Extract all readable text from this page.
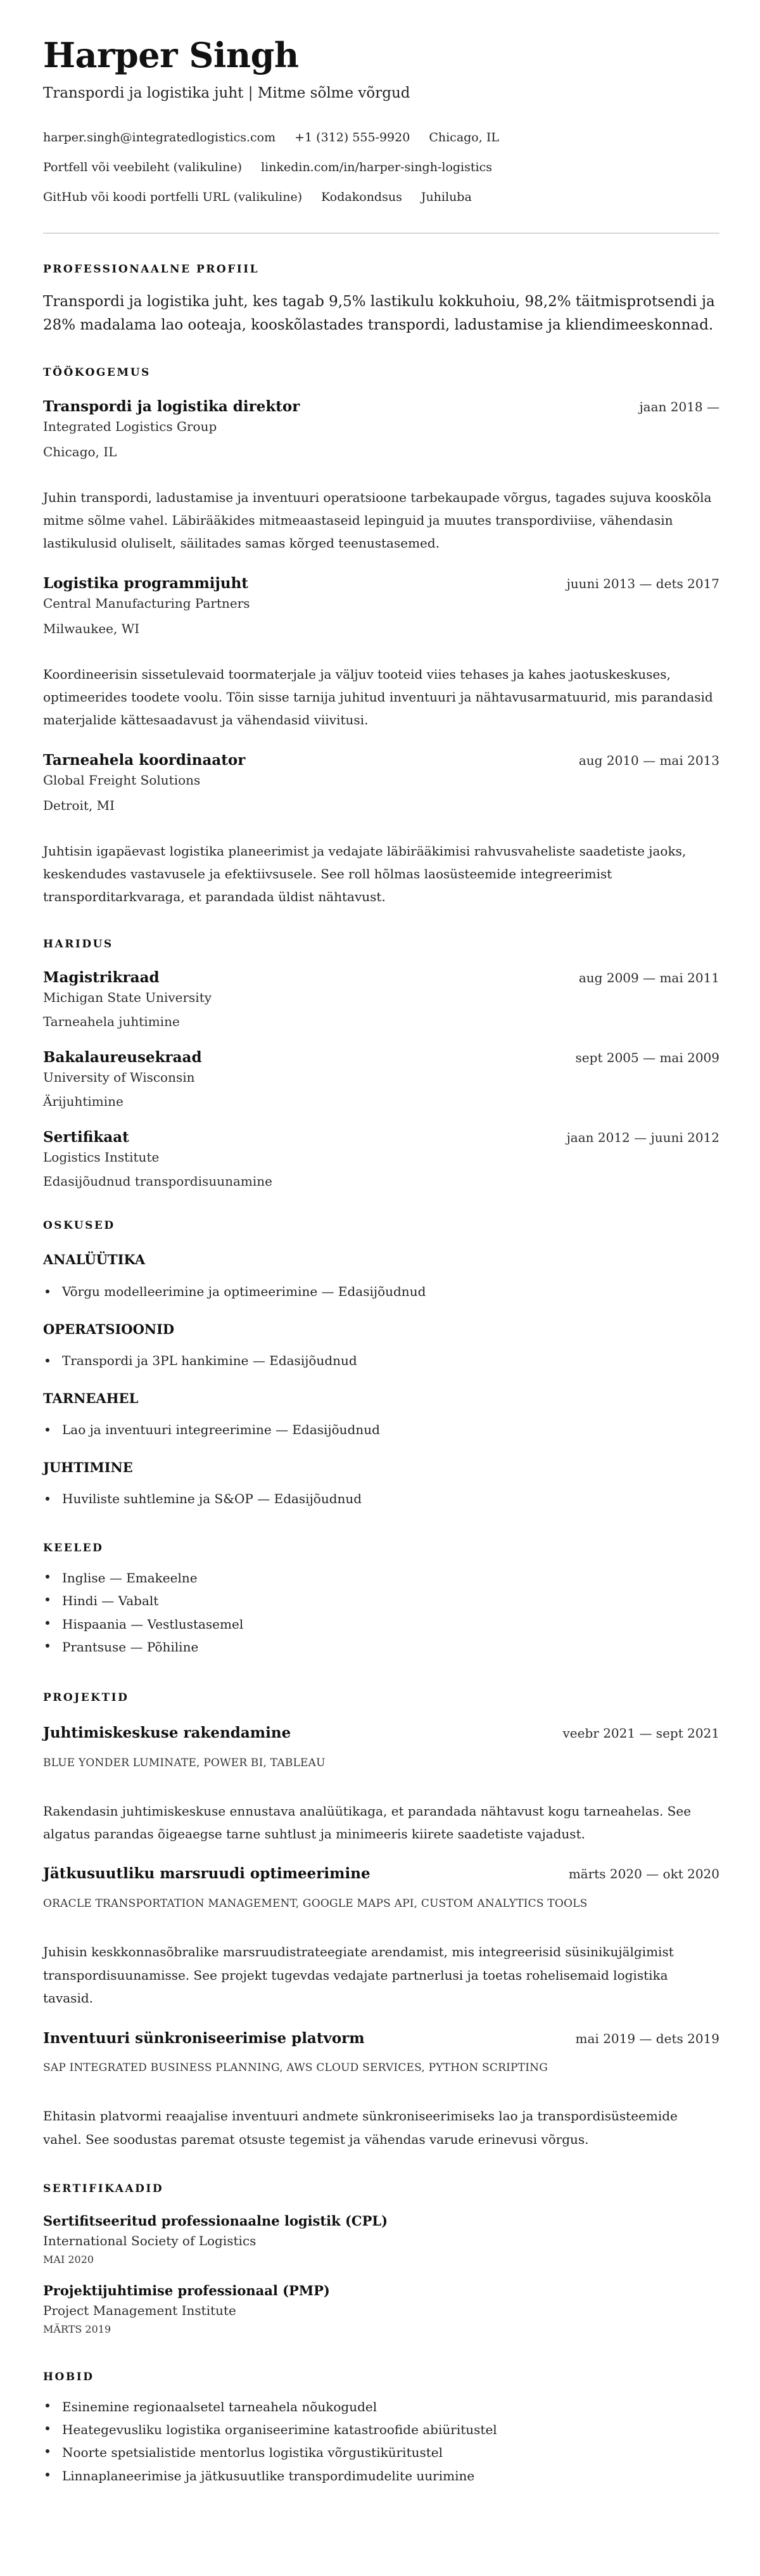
Harper Singh
Transpordi ja logistika juht | Mitme sõlme võrgud
harper.singh@integratedlogistics.com +1 (312) 555-9920 Chicago, IL
Portfell või veebileht (valikuline) linkedin.com/in/harper-singh-logistics
GitHub või koodi portfelli URL (valikuline) Kodakondsus Juhiluba
PROFESSIONAALNE PROFIIL

Transpordi ja logistika juht, kes tagab 9,5% lastikulu kokkuhoiu, 98,2% täitmisprotsendi ja 28% madalama lao ooteaja, kooskõlastades transpordi, ladustamise ja kliendimeeskonnad.

TÖÖKOGEMUS
Transpordi ja logistika direktor	jaan 2018 —
Integrated Logistics Group
Chicago, IL
Juhin transpordi, ladustamise ja inventuuri operatsioone tarbekaupade võrgus, tagades sujuva kooskõla mitme sõlme vahel. Läbirääkides mitmeaastaseid lepinguid ja muutes transpordiviise, vähendasin lastikulusid oluliselt, säilitades samas kõrged teenustasemed.
Logistika programmijuht	juuni 2013 — dets 2017
Central Manufacturing Partners
Milwaukee, WI
Koordineerisin sissetulevaid toormaterjale ja väljuv tooteid viies tehases ja kahes jaotuskeskuses, optimeerides toodete voolu. Tõin sisse tarnija juhitud inventuuri ja nähtavusarmatuurid, mis parandasid materjalide kättesaadavust ja vähendasid viivitusi.
Tarneahela koordinaator	aug 2010 — mai 2013
Global Freight Solutions
Detroit, MI
Juhtisin igapäevast logistika planeerimist ja vedajate läbirääkimisi rahvusvaheliste saadetiste jaoks, keskendudes vastavusele ja efektiivsusele. See roll hõlmas laosüsteemide integreerimist transporditarkvaraga, et parandada üldist nähtavust.
HARIDUS
Magistrikraad	aug 2009 — mai 2011
Michigan State University
Tarneahela juhtimine
Bakalaureusekraad	sept 2005 — mai 2009
University of Wisconsin
Ärijuhtimine
Sertifikaat	jaan 2012 — juuni 2012
Logistics Institute
Edasijõudnud transpordisuunamine
OSKUSED
ANALÜÜTIKA
Võrgu modelleerimine ja optimeerimine — Edasijõudnud
OPERATSIOONID
Transpordi ja 3PL hankimine — Edasijõudnud
TARNEAHEL
Lao ja inventuuri integreerimine — Edasijõudnud
JUHTIMINE
Huviliste suhtlemine ja S&OP — Edasijõudnud
KEELED
Inglise — Emakeelne
Hindi — Vabalt
Hispaania — Vestlustasemel
Prantsuse — Põhiline
PROJEKTID
Juhtimiskeskuse rakendamine	veebr 2021 — sept 2021
BLUE YONDER LUMINATE, POWER BI, TABLEAU
Rakendasin juhtimiskeskuse ennustava analüütikaga, et parandada nähtavust kogu tarneahelas. See algatus parandas õigeaegse tarne suhtlust ja minimeeris kiirete saadetiste vajadust.
Jätkusuutliku marsruudi optimeerimine	märts 2020 — okt 2020
ORACLE TRANSPORTATION MANAGEMENT, GOOGLE MAPS API, CUSTOM ANALYTICS TOOLS
Juhisin keskkonnasõbralike marsruudistrateegiate arendamist, mis integreerisid süsinikujälgimist transpordisuunamisse. See projekt tugevdas vedajate partnerlusi ja toetas rohelisemaid logistika tavasid.
Inventuuri sünkroniseerimise platvorm	mai 2019 — dets 2019
SAP INTEGRATED BUSINESS PLANNING, AWS CLOUD SERVICES, PYTHON SCRIPTING
Ehitasin platvormi reaajalise inventuuri andmete sünkroniseerimiseks lao ja transpordisüsteemide vahel. See soodustas paremat otsuste tegemist ja vähendas varude erinevusi võrgus.
SERTIFIKAADID
Sertifitseeritud professionaalne logistik (CPL)
International Society of Logistics
MAI 2020
Projektijuhtimise professionaal (PMP)
Project Management Institute
MÄRTS 2019
HOBID
Esinemine regionaalsetel tarneahela nõukogudel
Heategevusliku logistika organiseerimine katastroofide abiüritustel
Noorte spetsialistide mentorlus logistika võrgustiküritustel
Linnaplaneerimise ja jätkusuutlike transpordimudelite uurimine
